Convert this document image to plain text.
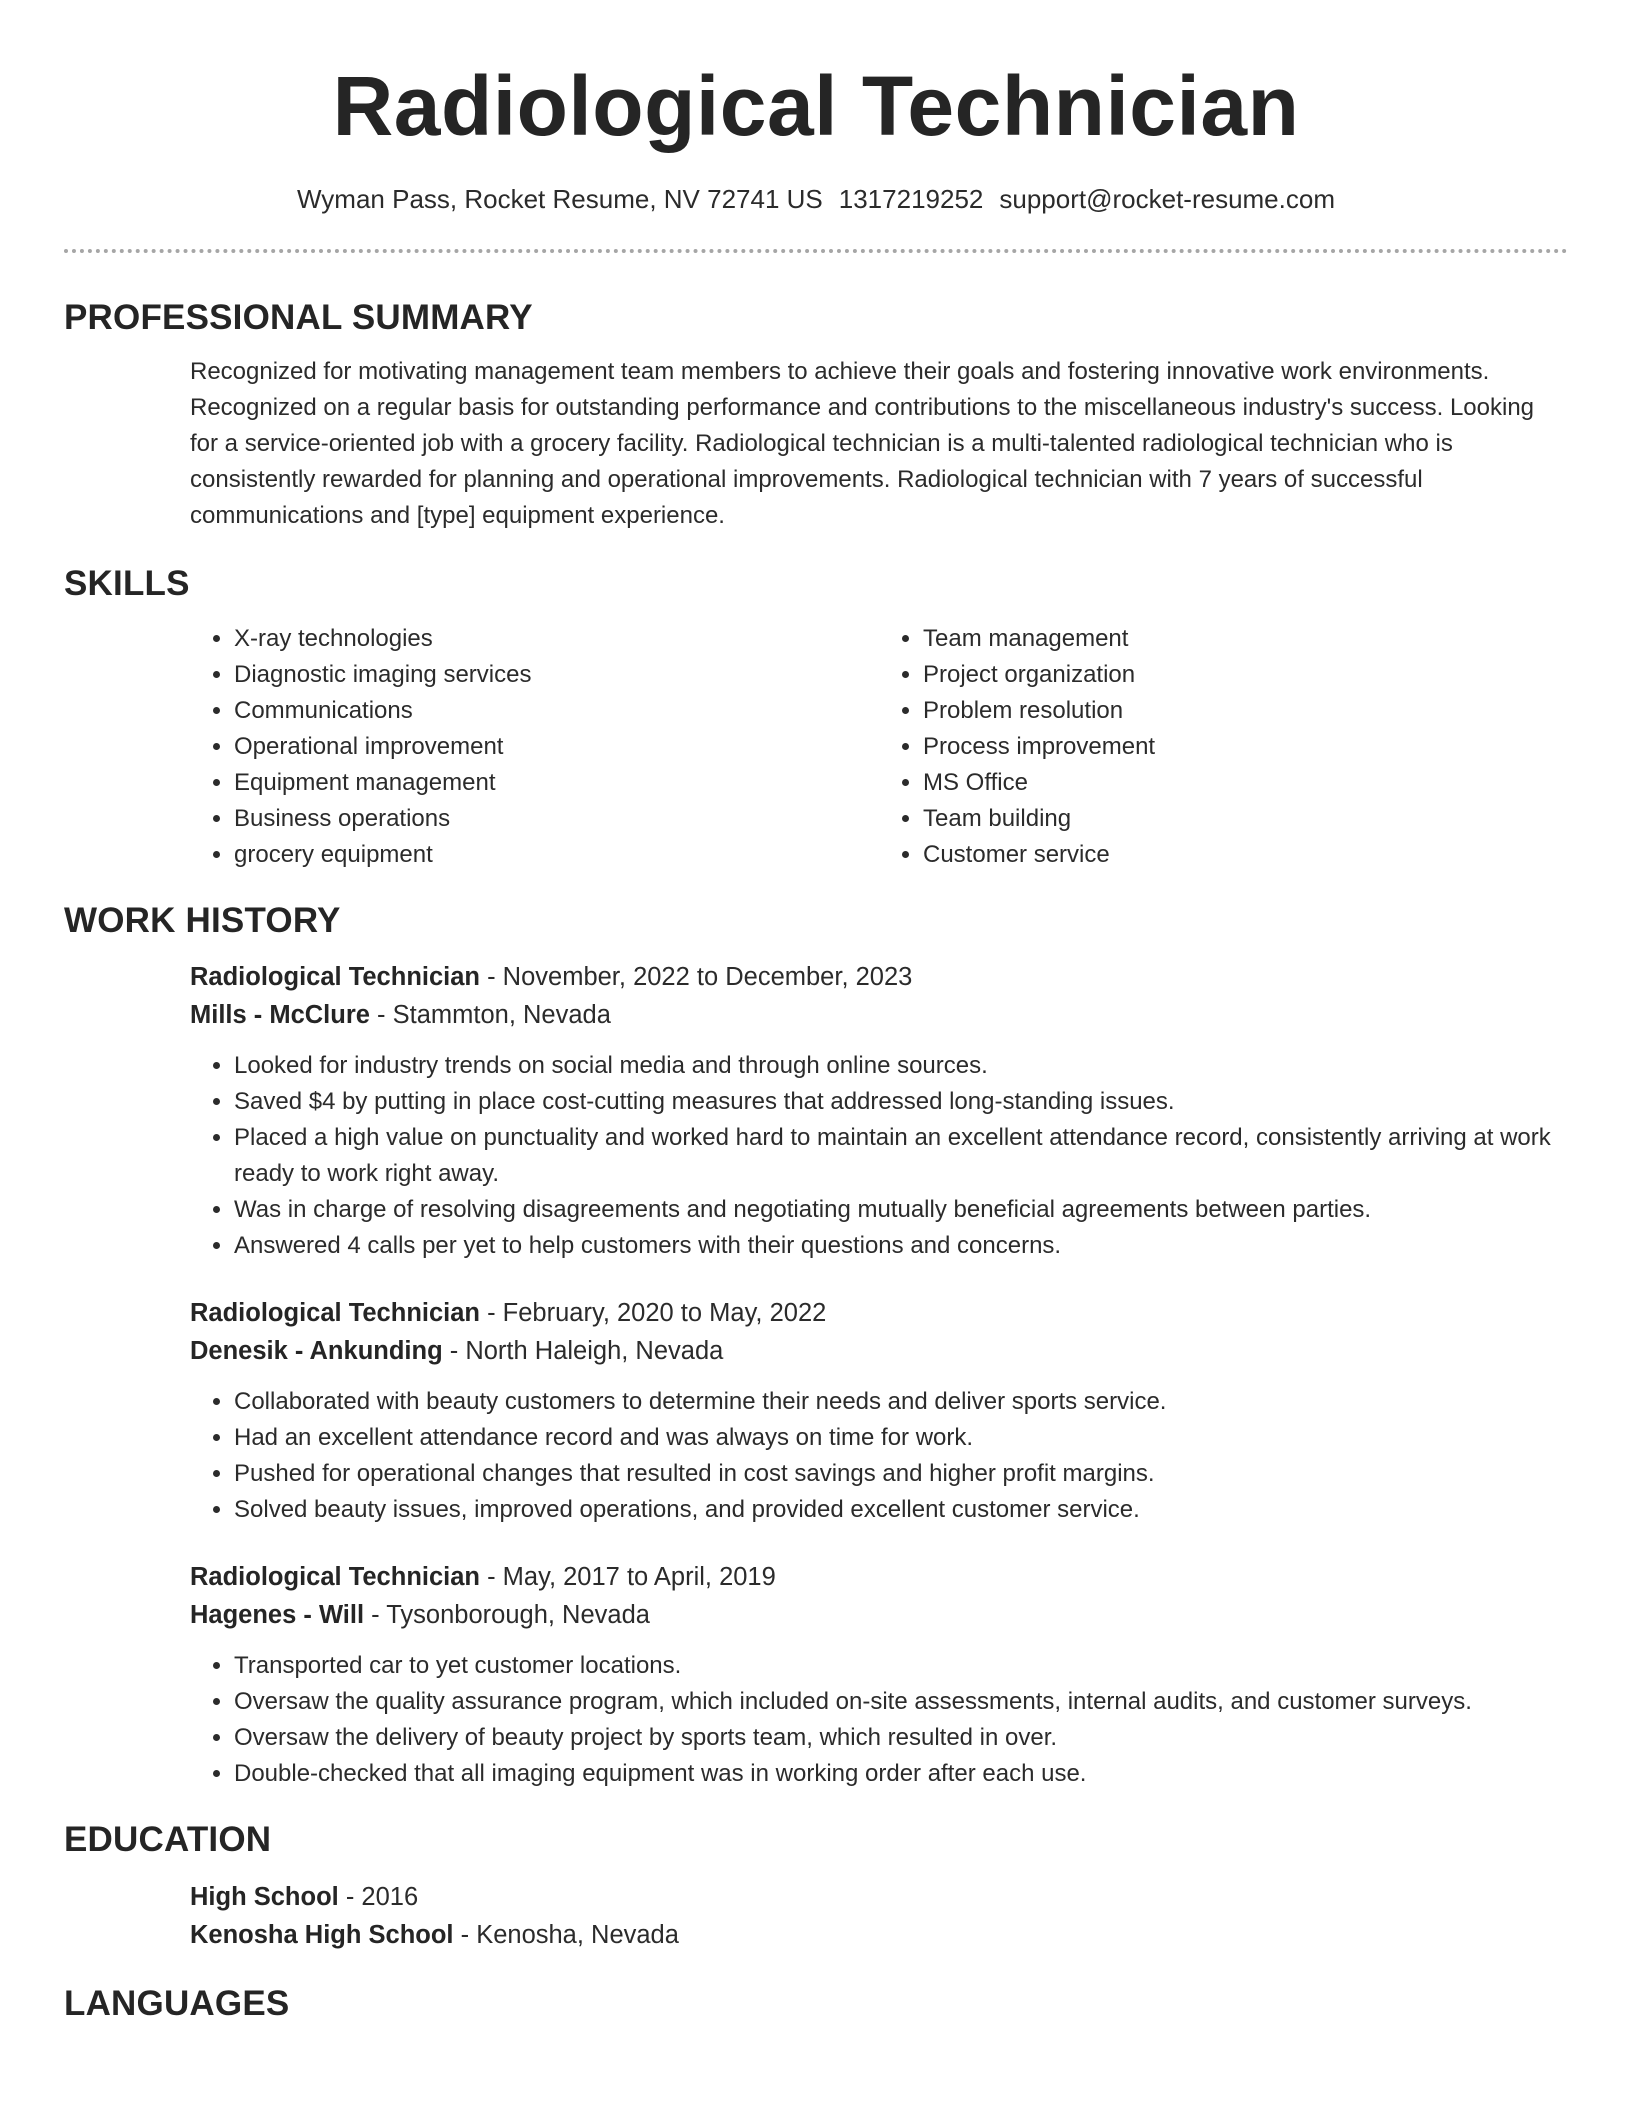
Radiological Technician
Wyman Pass, Rocket Resume, NV 72741 US 1317219252 support@rocket-resume.com
PROFESSIONAL SUMMARY

Recognized for motivating management team members to achieve their goals and fostering innovative work environments. Recognized on a regular basis for outstanding performance and contributions to the miscellaneous industry's success. Looking for a service-oriented job with a grocery facility. Radiological technician is a multi-talented radiological technician who is consistently rewarded for planning and operational improvements. Radiological technician with 7 years of successful communications and [type] equipment experience.

SKILLS
• X-ray technologies
• Diagnostic imaging services
• Communications
• Operational improvement
• Equipment management
• Business operations
• grocery equipment
• Team management
• Project organization
• Problem resolution
• Process improvement
• MS Office
• Team building
• Customer service
WORK HISTORY
Radiological Technician - November, 2022 to December, 2023
Mills - McClure - Stammton, Nevada
• Looked for industry trends on social media and through online sources.
• Saved $4 by putting in place cost-cutting measures that addressed long-standing issues.
• Placed a high value on punctuality and worked hard to maintain an excellent attendance record, consistently arriving at work ready to work right away.
• Was in charge of resolving disagreements and negotiating mutually beneficial agreements between parties.
• Answered 4 calls per yet to help customers with their questions and concerns.
Radiological Technician - February, 2020 to May, 2022
Denesik - Ankunding - North Haleigh, Nevada
• Collaborated with beauty customers to determine their needs and deliver sports service.
• Had an excellent attendance record and was always on time for work.
• Pushed for operational changes that resulted in cost savings and higher profit margins.
• Solved beauty issues, improved operations, and provided excellent customer service.
Radiological Technician - May, 2017 to April, 2019
Hagenes - Will - Tysonborough, Nevada
• Transported car to yet customer locations.
• Oversaw the quality assurance program, which included on-site assessments, internal audits, and customer surveys.
• Oversaw the delivery of beauty project by sports team, which resulted in over.
• Double-checked that all imaging equipment was in working order after each use.
EDUCATION
High School - 2016
Kenosha High School - Kenosha, Nevada
LANGUAGES
